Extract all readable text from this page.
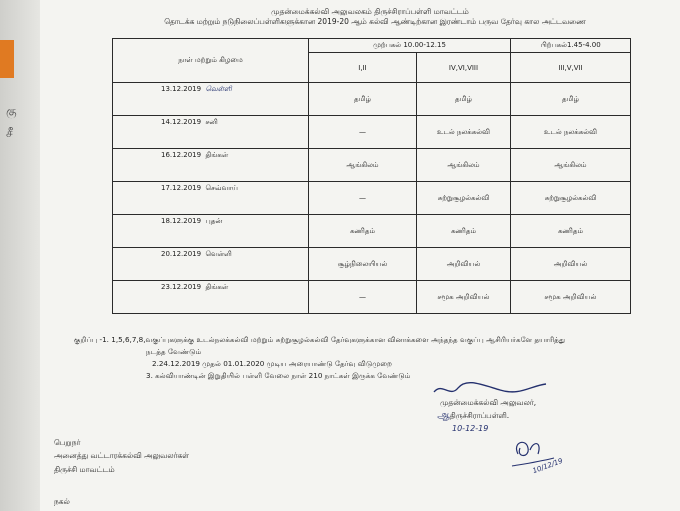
கு சீ
முதன்மைக்கல்வி அலுவலகம் திருச்சிராப்பள்ளி மாவட்டம்
தொடக்க மற்றும் நடுநிலைப்பள்ளிகளுக்கான 2019-20 ஆம் கல்வி ஆண்டிற்கான இரண்டாம் பருவ தேர்வு கால அட்டவணை
நாள் மற்றும் கிழமை	முற்பகல் 10.00-12.15		பிற்பகல்1.45-4.00
	I,II	IV,VI,VIII	III,V,VII

13.12.2019 வெள்ளி	தமிழ்	தமிழ்	தமிழ்

14.12.2019 சனி	—	உடல் நலக்கல்வி	உடல் நலக்கல்வி

16.12.2019 திங்கள்	ஆங்கிலம்	ஆங்கிலம்	ஆங்கிலம்

17.12.2019 செவ்வாய்	—	சுற்றுசூழல்கல்வி	சுற்றுசூழல்கல்வி

18.12.2019 புதன்	கணிதம்	கணிதம்	கணிதம்

20.12.2019 வெள்ளி	சூழ்நிலையியல்	அறிவியல்	அறிவியல்

23.12.2019 திங்கள்	—	சமூக அறிவியல்	சமூக அறிவியல்
குறிப்பு -1. 1,5,6,7,8,வகுப்புகளுக்கு உடல்நலக்கல்வி மற்றும் சுற்றுசூழல்கல்வி தேர்வுகளுக்கான வினாக்களை அந்தந்த வகுப்பு ஆசிரியர்களே தயாரித்து
நடத்த வேண்டும்
2.24.12.2019 முதல் 01.01.2020 முடிய அரையாண்டு தேர்வு விடுமுறை
3. கல்வியாண்டின் இறுதியில் பள்ளி வேலை நாள் 210 நாட்கள் இருக்க வேண்டும்
முதன்மைக்கல்வி அலுவலர்,
ஆதிருச்சிராப்பள்ளி.
10-12-19
10/12/19
பெறுநர்
அனைத்து வட்டாரக்கல்வி அலுவலர்கள்
திருச்சி மாவட்டம்
நகல்
